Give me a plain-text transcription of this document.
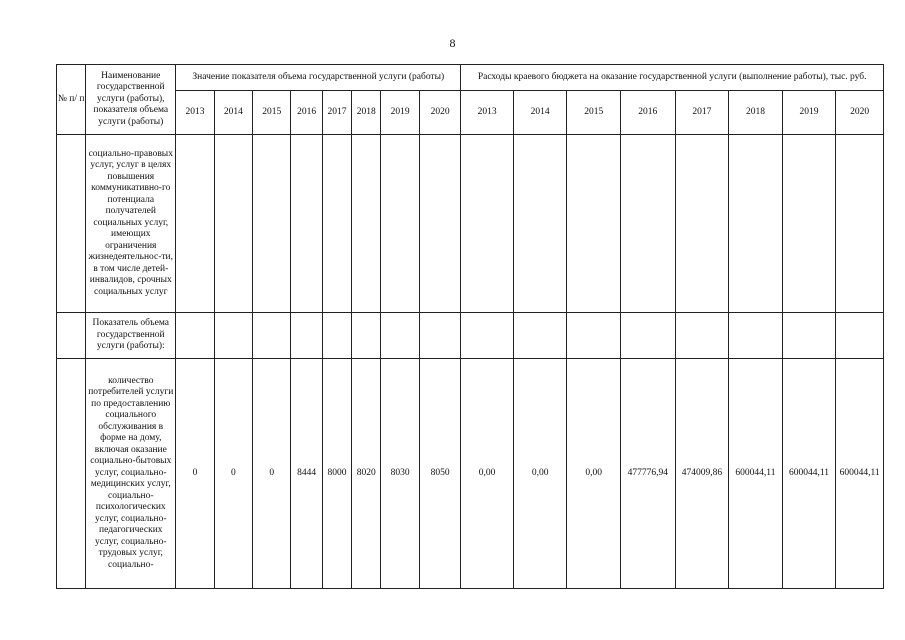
8
№ п/ п	Наименование государственной услуги (работы), показателя объема услуги (работы)	Значение показателя объема государственной услуги (работы)								Расходы краевого бюджета на оказание государственной услуги (выполнение работы), тыс. руб.							
		2013	2014	2015	2016	2017	2018	2019	2020	2013	2014	2015	2016	2017	2018	2019	2020
	социально-правовых услуг, услуг в целях повышения коммуникативно-го потенциала получателей социальных услуг, имеющих ограничения жизнедеятельнос-ти, в том числе детей-инвалидов, срочных социальных услуг																
	Показатель объема государственной услуги (работы):																
	количество потребителей услуги по предоставлению социального обслуживания в форме на дому, включая оказание социально-бытовых услуг, социально-медицинских услуг, социально-психологических услуг, социально-педагогических услуг, социально-трудовых услуг, социально-	0	0	0	8444	8000	8020	8030	8050	0,00	0,00	0,00	477776,94	474009,86	600044,11	600044,11	600044,11
